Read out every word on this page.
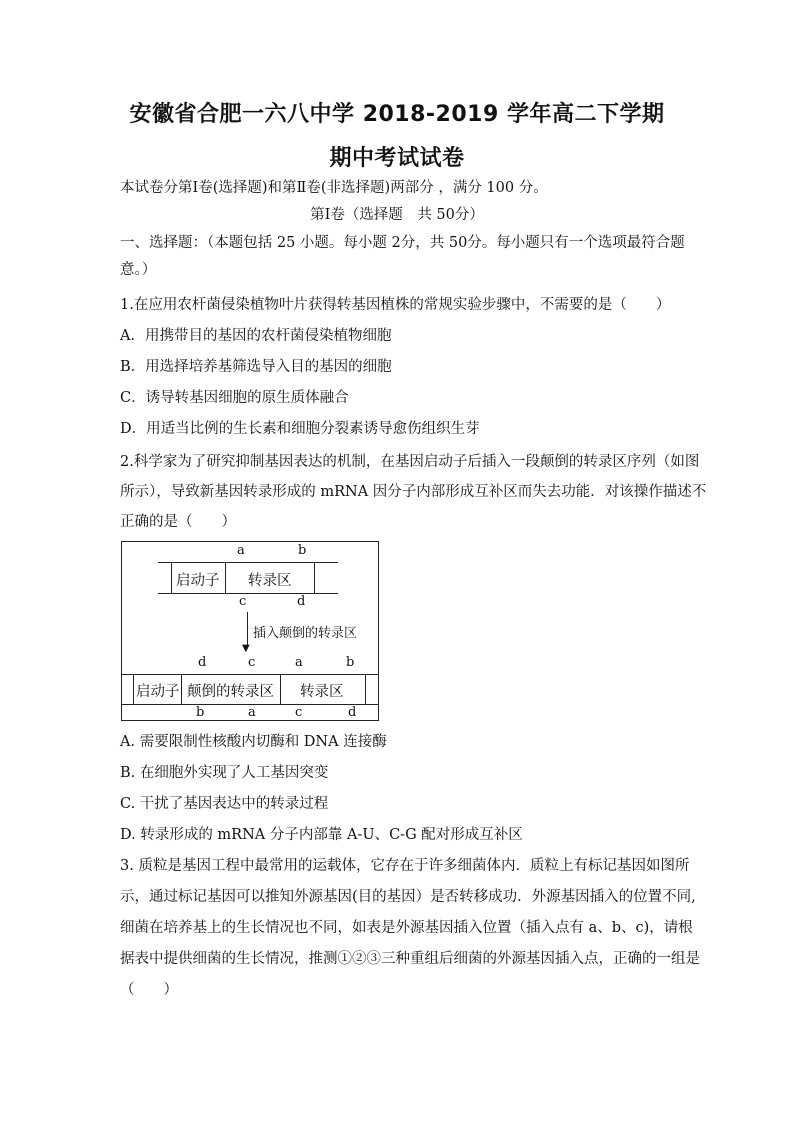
安徽省合肥一六八中学 2018-2019 学年高二下学期
期中考试试卷
本试卷分第Ⅰ卷(选择题)和第Ⅱ卷(非选择题)两部分 ，满分 100 分。
第Ⅰ卷（选择题　共 50分）
一、选择题：（本题包括 25 小题。每小题 2分，共 50分。每小题只有一个选项最符合题
意。）
1.在应用农杆菌侵染植物叶片获得转基因植株的常规实验步骤中，不需要的是（　　）
A．用携带目的基因的农杆菌侵染植物细胞
B．用选择培养基筛选导入目的基因的细胞
C．诱导转基因细胞的原生质体融合
D．用适当比例的生长素和细胞分裂素诱导愈伤组织生芽
2.科学家为了研究抑制基因表达的机制，在基因启动子后插入一段颠倒的转录区序列（如图
所示），导致新基因转录形成的 mRNA 因分子内部形成互补区而失去功能．对该操作描述不
正确的是（　　）
a	b
启动子 转录区
c	d
▼
插入颠倒的转录区
d	c	a	b
启动子 颠倒的转录区 转录区
b	a	c	d
A. 需要限制性核酸内切酶和 DNA 连接酶
B. 在细胞外实现了人工基因突变
C. 干扰了基因表达中的转录过程
D. 转录形成的 mRNA 分子内部靠 A-U、C-G 配对形成互补区
3. 质粒是基因工程中最常用的运载体，它存在于许多细菌体内．质粒上有标记基因如图所
示，通过标记基因可以推知外源基因(目的基因）是否转移成功．外源基因插入的位置不同,
细菌在培养基上的生长情况也不同，如表是外源基因插入位置（插入点有 a、b、c)，请根
据表中提供细菌的生长情况，推测①②③三种重组后细菌的外源基因插入点，正确的一组是
（　　）
